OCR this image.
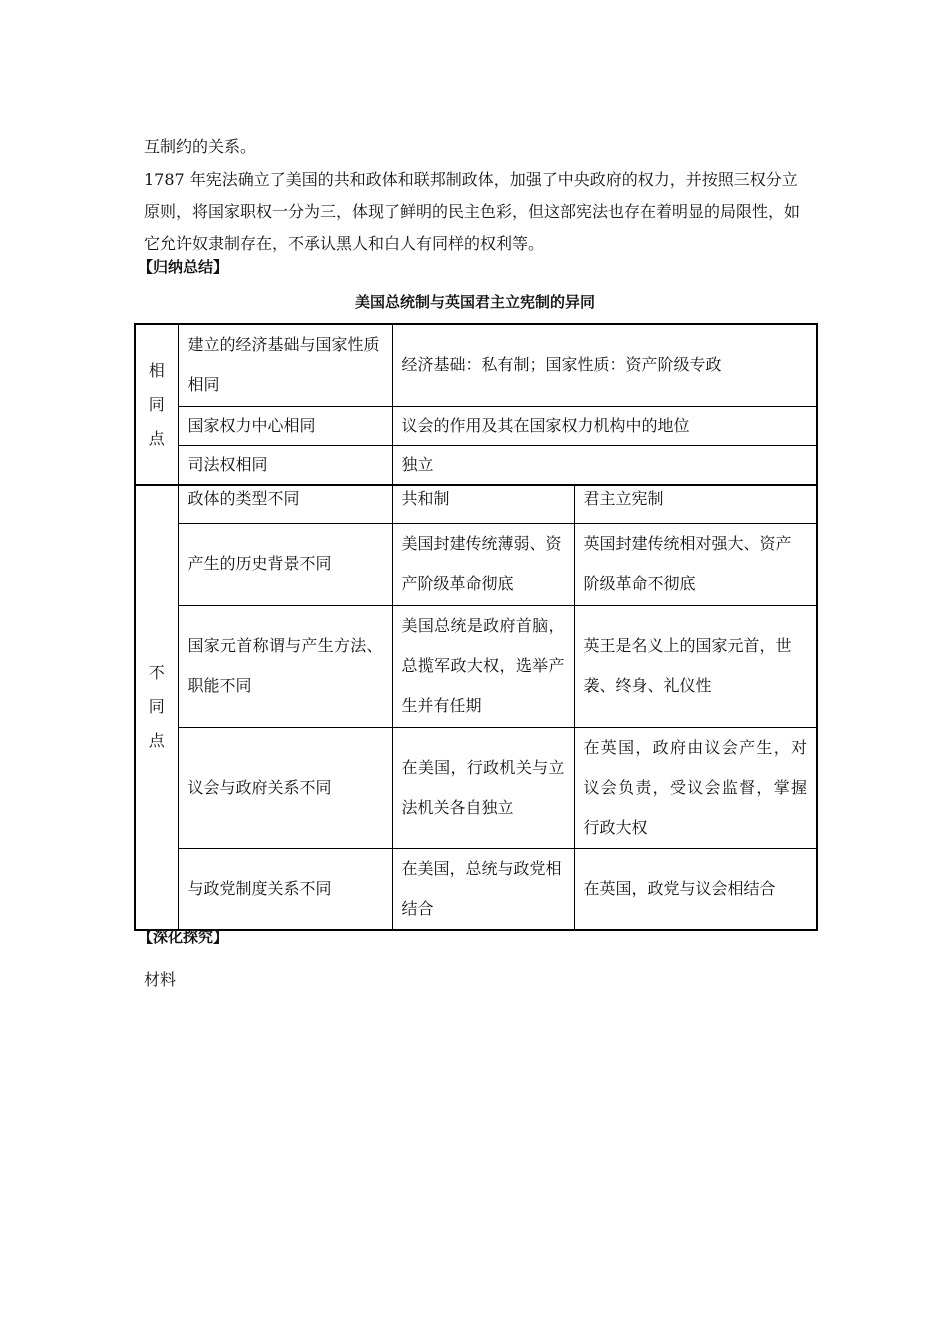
互制约的关系。

1787 年宪法确立了美国的共和政体和联邦制政体，加强了中央政府的权力，并按照三权分立原则，将国家职权一分为三，体现了鲜明的民主色彩，但这部宪法也存在着明显的局限性，如它允许奴隶制存在，不承认黑人和白人有同样的权利等。

【归纳总结】

美国总统制与英国君主立宪制的异同

相
同
点	建立的经济基础与国家性质相同	经济基础：私有制；国家性质：资产阶级专政	
	国家权力中心相同	议会的作用及其在国家权力机构中的地位	
	司法权相同	独立	

不
同
点	政体的类型不同	共和制	君主立宪制
	产生的历史背景不同	美国封建传统薄弱、资产阶级革命彻底	英国封建传统相对强大、资产阶级革命不彻底
	国家元首称谓与产生方法、职能不同	美国总统是政府首脑，总揽军政大权，选举产生并有任期	英王是名义上的国家元首，世袭、终身、礼仪性
	议会与政府关系不同	在美国，行政机关与立法机关各自独立	在英国，政府由议会产生，对议会负责，受议会监督，掌握行政大权
	与政党制度关系不同	在美国，总统与政党相结合	在英国，政党与议会相结合

【深化探究】

材料
